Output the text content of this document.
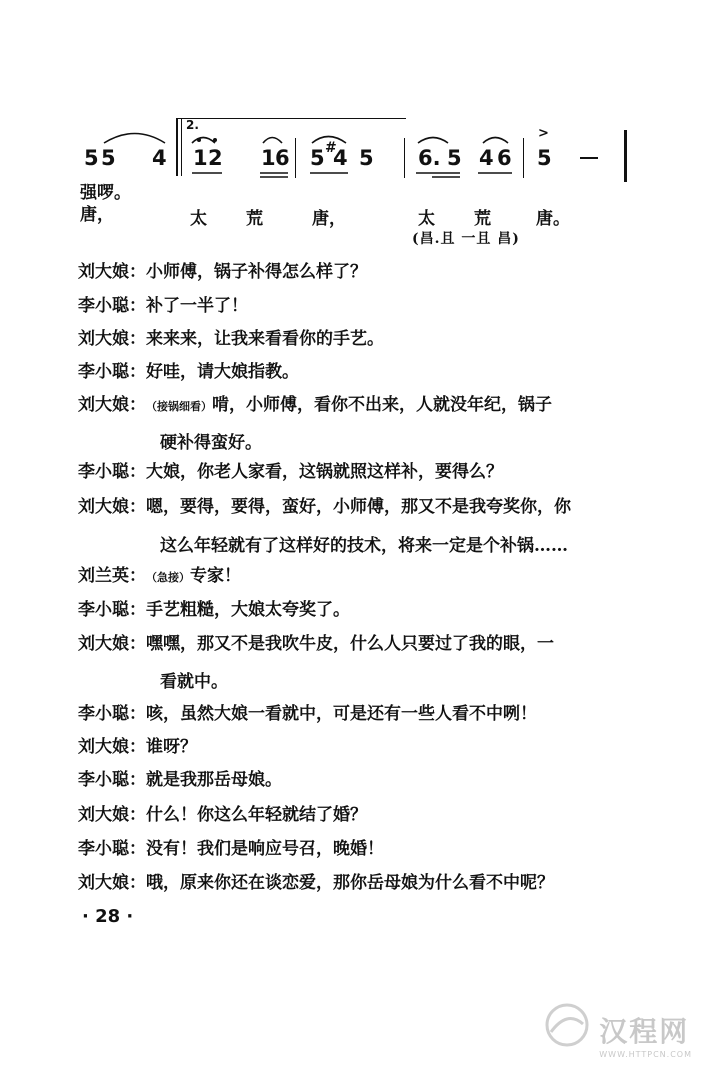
2.
5 5 4 1 2 1 6 5 #
4 5 6. 5 4 6
>
5
强啰。
唐，	太 荒	唐，	太 荒	唐。
(昌.且 一且 昌)
刘大娘：小师傅，锅子补得怎么样了？
李小聪：补了一半了！
刘大娘：来来来，让我来看看你的手艺。
李小聪：好哇，请大娘指教。
刘大娘：（接锅细看）啃，小师傅，看你不出来，人就没年纪，锅子
硬补得蛮好。
李小聪：大娘，你老人家看，这锅就照这样补，要得么？
刘大娘：嗯，要得，要得，蛮好，小师傅，那又不是我夸奖你，你
这么年轻就有了这样好的技术，将来一定是个补锅……
刘兰英：（急接）专家！
李小聪：手艺粗糙，大娘太夸奖了。
刘大娘：嘿嘿，那又不是我吹牛皮，什么人只要过了我的眼，一
看就中。
李小聪：咳，虽然大娘一看就中，可是还有一些人看不中咧！
刘大娘：谁呀？
李小聪：就是我那岳母娘。
刘大娘：什么！你这么年轻就结了婚？
李小聪：没有！我们是响应号召，晚婚！
刘大娘：哦，原来你还在谈恋爱，那你岳母娘为什么看不中呢？
· 28 ·
汉程网
WWW.HTTPCN.COM
